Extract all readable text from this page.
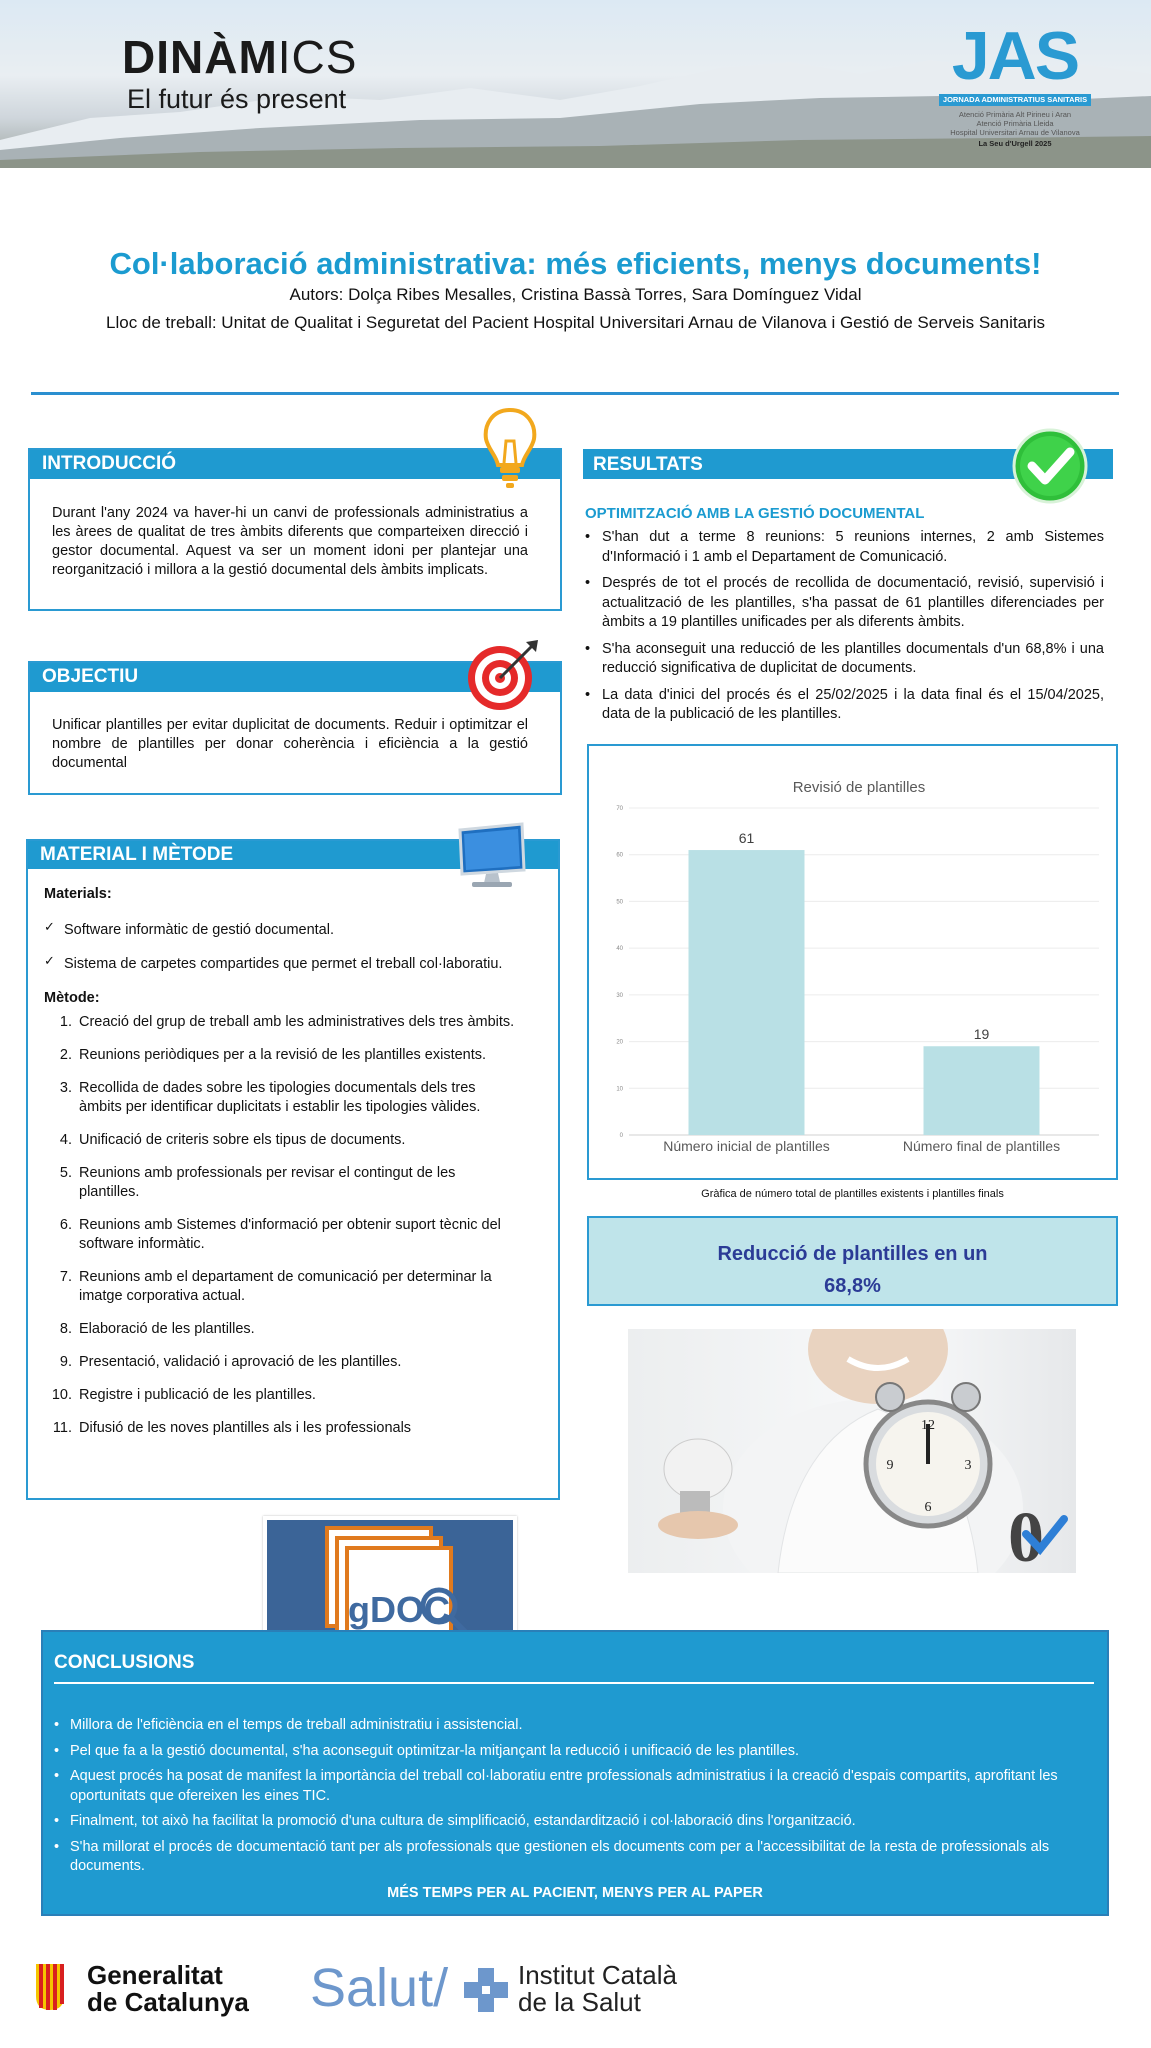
DINÀMICS
El futur és present
JAS
JORNADA ADMINISTRATIUS SANITARIS
Atenció Primària Alt Pirineu i Aran
Atenció Primària Lleida
Hospital Universitari Arnau de Vilanova
La Seu d'Urgell 2025
Col·laboració administrativa: més eficients, menys documents!
Autors: Dolça Ribes Mesalles, Cristina Bassà Torres, Sara Domínguez Vidal
Lloc de treball: Unitat de Qualitat i Seguretat del Pacient Hospital Universitari Arnau de Vilanova i Gestió de Serveis Sanitaris
INTRODUCCIÓ
Durant l'any 2024 va haver-hi un canvi de professionals administratius a les àrees de qualitat de tres àmbits diferents que comparteixen direcció i gestor documental. Aquest va ser un moment idoni per plantejar una reorganització i millora a la gestió documental dels àmbits implicats.
OBJECTIU
Unificar plantilles per evitar duplicitat de documents. Reduir i optimitzar el nombre de plantilles per donar coherència i eficiència a la gestió documental
MATERIAL I MÈTODE
Materials:
✓ Software informàtic de gestió documental.
✓ Sistema de carpetes compartides que permet el treball col·laboratiu.
Mètode:
1. Creació del grup de treball amb les administratives dels tres àmbits.
2. Reunions periòdiques per a la revisió de les plantilles existents.
3. Recollida de dades sobre les tipologies documentals dels tres àmbits per identificar duplicitats i establir les tipologies vàlides.
4. Unificació de criteris sobre els tipus de documents.
5. Reunions amb professionals per revisar el contingut de les plantilles.
6. Reunions amb Sistemes d'informació per obtenir suport tècnic del software informàtic.
7. Reunions amb el departament de comunicació per determinar la imatge corporativa actual.
8. Elaboració de les plantilles.
9. Presentació, validació i aprovació de les plantilles.
10. Registre i publicació de les plantilles.
11. Difusió de les noves plantilles als i les professionals
RESULTATS
OPTIMITZACIÓ AMB LA GESTIÓ DOCUMENTAL
• S'han dut a terme 8 reunions: 5 reunions internes, 2 amb Sistemes d'Informació i 1 amb el Departament de Comunicació.
• Després de tot el procés de recollida de documentació, revisió, supervisió i actualització de les plantilles, s'ha passat de 61 plantilles diferenciades per àmbits a 19 plantilles unificades per als diferents àmbits.
• S'ha aconseguit una reducció de les plantilles documentals d'un 68,8% i una reducció significativa de duplicitat de documents.
• La data d'inici del procés és el 25/02/2025 i la data final és el 15/04/2025, data de la publicació de les plantilles.
Revisió de plantilles
0
10
20
30
40
50
60
70
61
Número inicial de plantilles
19
Número final de plantilles
Gràfica de número total de plantilles existents i plantilles finals
Reducció de plantilles en un
68,8%
12
3
6
9
0
gDOC
CONCLUSIONS
• Millora de l'eficiència en el temps de treball administratiu i assistencial.
• Pel que fa a la gestió documental, s'ha aconseguit optimitzar-la mitjançant la reducció i unificació de les plantilles.
• Aquest procés ha posat de manifest la importància del treball col·laboratiu entre professionals administratius i la creació d'espais compartits, aprofitant les oportunitats que ofereixen les eines TIC.
• Finalment, tot això ha facilitat la promoció d'una cultura de simplificació, estandardització i col·laboració dins l'organització.
• S'ha millorat el procés de documentació tant per als professionals que gestionen els documents com per a l'accessibilitat de la resta de professionals als documents.
MÉS TEMPS PER AL PACIENT, MENYS PER AL PAPER
Generalitat
de Catalunya Salut/	Institut Català
de la Salut
